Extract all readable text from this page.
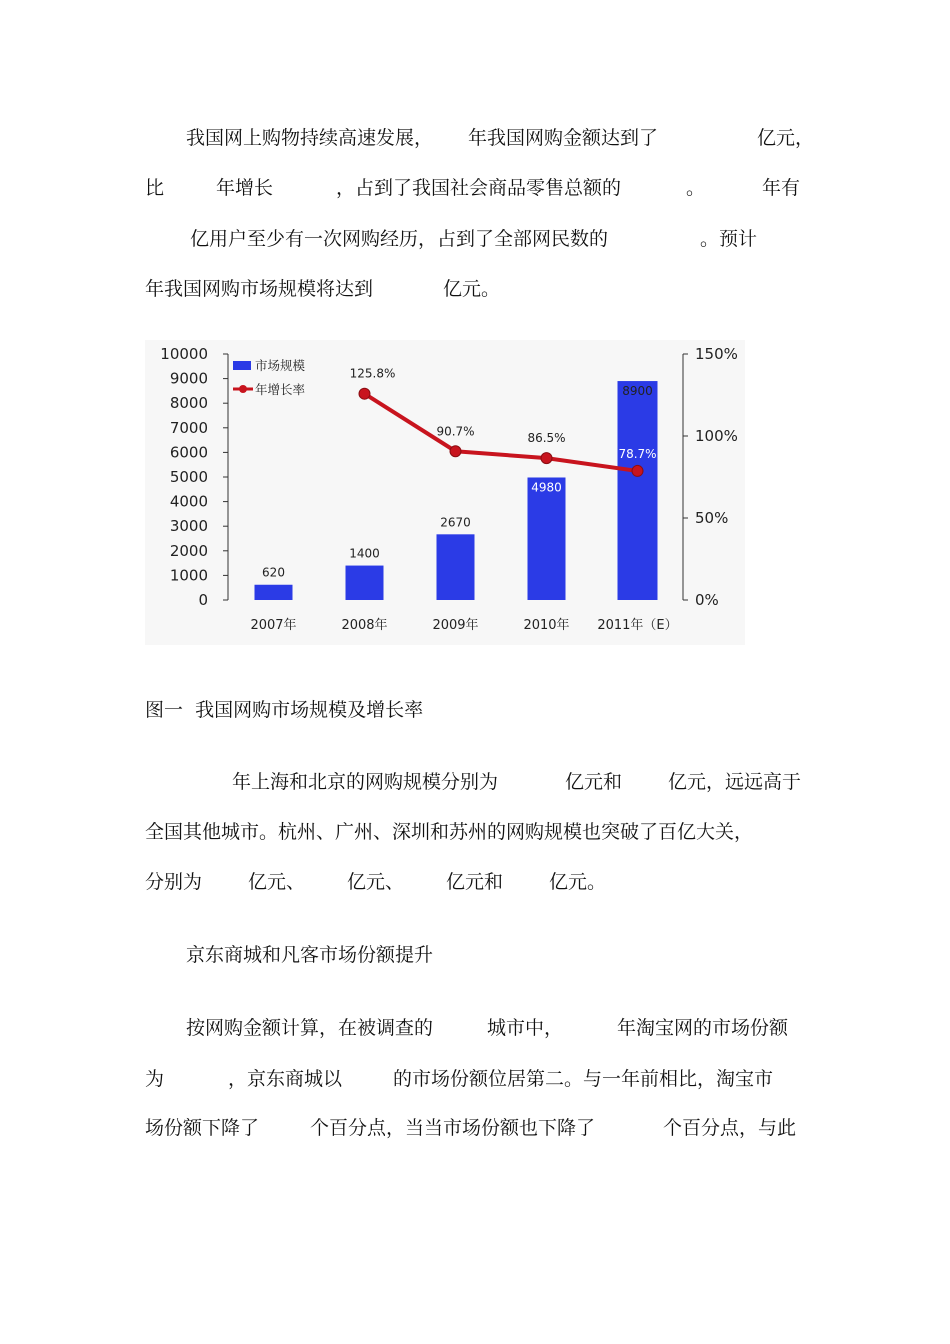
我国网上购物持续高速发展， 年我国网购金额达到了	亿元，
比	年增长	，占到了我国社会商品零售总额的	。	年有
亿用户至少有一次网购经历，占到了全部网民数的	。预计
年我国网购市场规模将达到	亿元。
0
1000
2000
3000
4000
5000
6000
7000
8000
9000
10000
0%
50%
100%
150%
620
1400
2670
4980
8900
2007年	2008年	2009年	2010年 2011年（E）
125.8%
90.7%	86.5%
78.7%
市场规模
年增长率
图一  我国网购市场规模及增长率
年上海和北京的网购规模分别为	亿元和 亿元，远远高于
全国其他城市。杭州、广州、深圳和苏州的网购规模也突破了百亿大关，
分别为 亿元、 亿元、 亿元和 亿元。
京东商城和凡客市场份额提升
按网购金额计算，在被调查的	城市中，	年淘宝网的市场份额
为	，京东商城以	的市场份额位居第二。与一年前相比，淘宝市
场份额下降了	个百分点，当当市场份额也下降了	个百分点，与此
